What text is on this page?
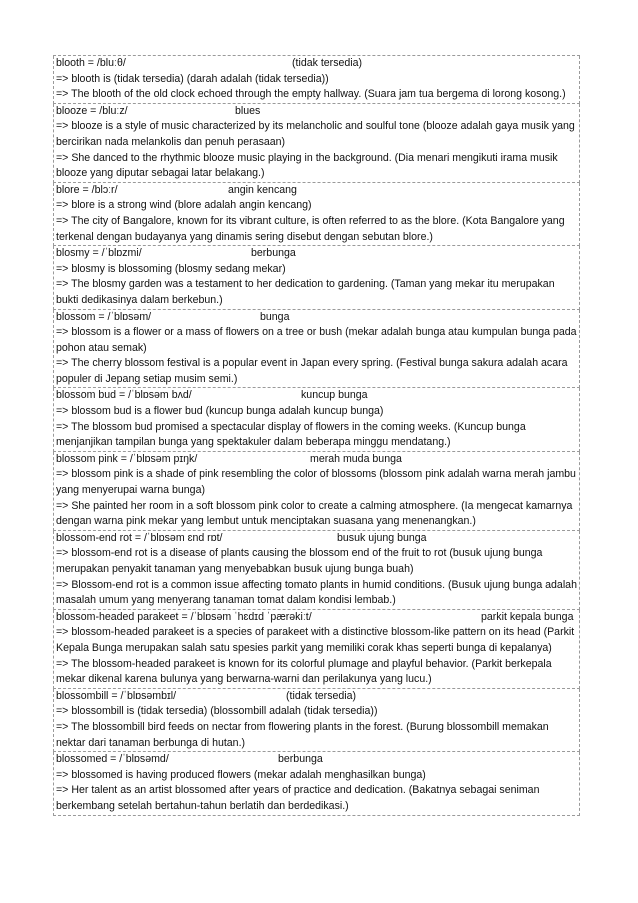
blooth = /bluːθ/	(tidak tersedia)
=> blooth is (tidak tersedia) (darah adalah (tidak tersedia))
=> The blooth of the old clock echoed through the empty hallway. (Suara jam tua bergema di lorong kosong.)
blooze = /bluːz/	blues
=> blooze is a style of music characterized by its melancholic and soulful tone (blooze adalah gaya musik yang bercirikan nada melankolis dan penuh perasaan)
=> She danced to the rhythmic blooze music playing in the background. (Dia menari mengikuti irama musik blooze yang diputar sebagai latar belakang.)
blore = /blɔːr/	angin kencang
=> blore is a strong wind (blore adalah angin kencang)
=> The city of Bangalore, known for its vibrant culture, is often referred to as the blore. (Kota Bangalore yang terkenal dengan budayanya yang dinamis sering disebut dengan sebutan blore.)
blosmy = /ˈblɒzmi/	berbunga
=> blosmy is blossoming (blosmy sedang mekar)
=> The blosmy garden was a testament to her dedication to gardening. (Taman yang mekar itu merupakan bukti dedikasinya dalam berkebun.)
blossom = /ˈblɒsəm/	bunga
=> blossom is a flower or a mass of flowers on a tree or bush (mekar adalah bunga atau kumpulan bunga pada pohon atau semak)
=> The cherry blossom festival is a popular event in Japan every spring. (Festival bunga sakura adalah acara populer di Jepang setiap musim semi.)
blossom bud = /ˈblɒsəm bʌd/	kuncup bunga
=> blossom bud is a flower bud (kuncup bunga adalah kuncup bunga)
=> The blossom bud promised a spectacular display of flowers in the coming weeks. (Kuncup bunga menjanjikan tampilan bunga yang spektakuler dalam beberapa minggu mendatang.)
blossom pink = /ˈblɒsəm pɪŋk/	merah muda bunga
=> blossom pink is a shade of pink resembling the color of blossoms (blossom pink adalah warna merah jambu yang menyerupai warna bunga)
=> She painted her room in a soft blossom pink color to create a calming atmosphere. (Ia mengecat kamarnya dengan warna pink mekar yang lembut untuk menciptakan suasana yang menenangkan.)
blossom-end rot = /ˈblɒsəm ɛnd rɒt/	busuk ujung bunga
=> blossom-end rot is a disease of plants causing the blossom end of the fruit to rot (busuk ujung bunga merupakan penyakit tanaman yang menyebabkan busuk ujung bunga buah)
=> Blossom-end rot is a common issue affecting tomato plants in humid conditions. (Busuk ujung bunga adalah masalah umum yang menyerang tanaman tomat dalam kondisi lembab.)
blossom-headed parakeet = /ˈblɒsəm ˈhɛdɪd ˈpærəkiːt/	parkit kepala bunga
=> blossom-headed parakeet is a species of parakeet with a distinctive blossom-like pattern on its head (Parkit Kepala Bunga merupakan salah satu spesies parkit yang memiliki corak khas seperti bunga di kepalanya)
=> The blossom-headed parakeet is known for its colorful plumage and playful behavior. (Parkit berkepala mekar dikenal karena bulunya yang berwarna-warni dan perilakunya yang lucu.)
blossombill = /ˈblɒsəmbɪl/	(tidak tersedia)
=> blossombill is (tidak tersedia) (blossombill adalah (tidak tersedia))
=> The blossombill bird feeds on nectar from flowering plants in the forest. (Burung blossombill memakan nektar dari tanaman berbunga di hutan.)
blossomed = /ˈblɒsəmd/	berbunga
=> blossomed is having produced flowers (mekar adalah menghasilkan bunga)
=> Her talent as an artist blossomed after years of practice and dedication. (Bakatnya sebagai seniman berkembang setelah bertahun-tahun berlatih dan berdedikasi.)
